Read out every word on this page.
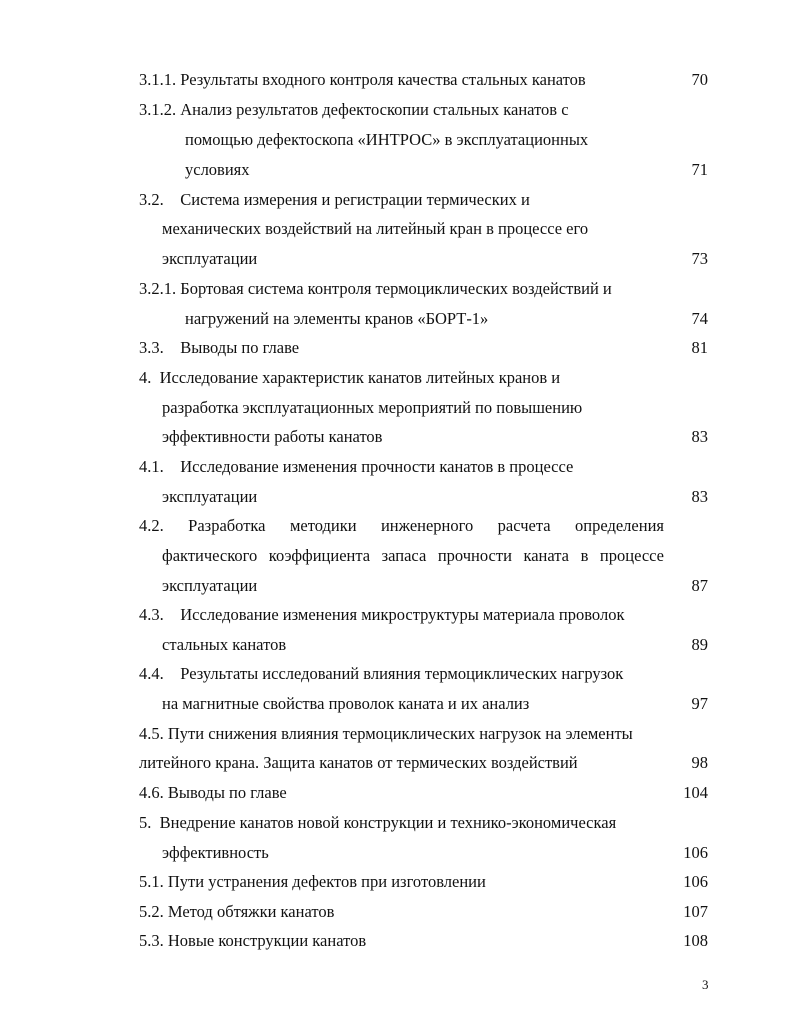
3.1.1. Результаты входного контроля качества стальных канатов	70
3.1.2. Анализ результатов дефектоскопии стальных канатов с
помощью дефектоскопа «ИНТРОС» в эксплуатационных
условиях	71
3.2.    Система измерения и регистрации термических и
механических воздействий на литейный кран в процессе его
эксплуатации	73
3.2.1. Бортовая система контроля термоциклических воздействий и
нагружений на элементы кранов «БОРТ-1»	74
3.3.    Выводы по главе	81
4.  Исследование характеристик канатов литейных кранов и
разработка эксплуатационных мероприятий по повышению
эффективности работы канатов	83
4.1.    Исследование изменения прочности канатов в процессе
эксплуатации	83
4.2. Разработка методики инженерного расчета определения
фактического коэффициента запаса прочности каната в процессе
эксплуатации	87
4.3.    Исследование изменения микроструктуры материала проволок
стальных канатов	89
4.4.    Результаты исследований влияния термоциклических нагрузок
на магнитные свойства проволок каната и их анализ	97
4.5. Пути снижения влияния термоциклических нагрузок на элементы
литейного крана. Защита канатов от термических воздействий	98
4.6. Выводы по главе	104
5.  Внедрение канатов новой конструкции и технико-экономическая
эффективность	106
5.1. Пути устранения дефектов при изготовлении	106
5.2. Метод обтяжки канатов	107
5.3. Новые конструкции канатов	108
3
